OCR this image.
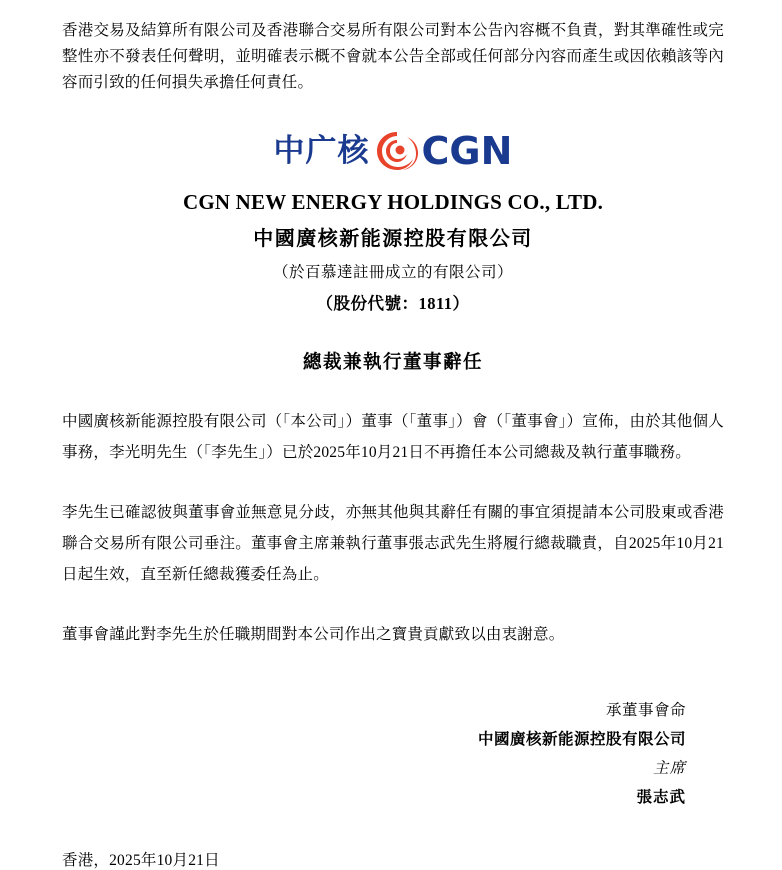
香港交易及結算所有限公司及香港聯合交易所有限公司對本公告內容概不負責，對其準確性或完整性亦不發表任何聲明，並明確表示概不會就本公告全部或任何部分內容而產生或因依賴該等內容而引致的任何損失承擔任何責任。
中广核 CGN
CGN NEW ENERGY HOLDINGS CO., LTD.
中國廣核新能源控股有限公司
（於百慕達註冊成立的有限公司）
（股份代號：1811）
總裁兼執行董事辭任
中國廣核新能源控股有限公司（「本公司」）董事（「董事」）會（「董事會」）宣佈，由於其他個人事務，李光明先生（「李先生」）已於2025年10月21日不再擔任本公司總裁及執行董事職務。
李先生已確認彼與董事會並無意見分歧，亦無其他與其辭任有關的事宜須提請本公司股東或香港聯合交易所有限公司垂注。董事會主席兼執行董事張志武先生將履行總裁職責，自2025年10月21日起生效，直至新任總裁獲委任為止。
董事會謹此對李先生於任職期間對本公司作出之寶貴貢獻致以由衷謝意。
承董事會命
中國廣核新能源控股有限公司
主席
張志武
香港，2025年10月21日
